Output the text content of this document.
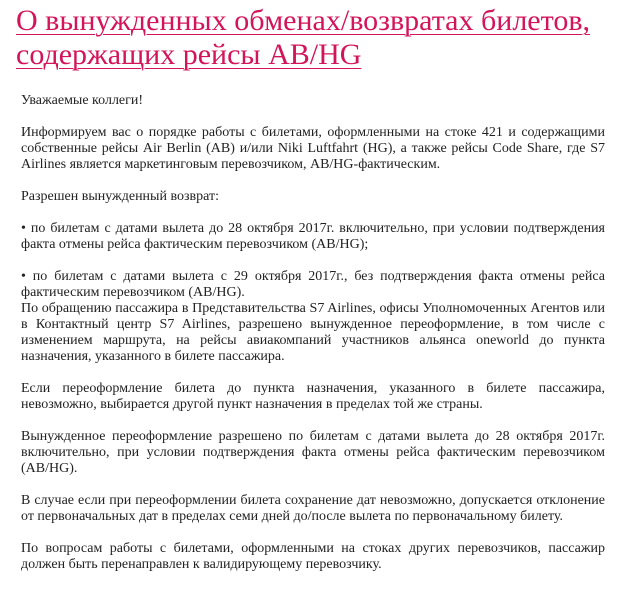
О вынужденных обменах/возвратах билетов, содержащих рейсы AB/HG

Уважаемые коллеги!

Информируем вас о порядке работы с билетами, оформленными на стоке 421 и содержащими собственные рейсы Air Berlin (AB) и/или Niki Luftfahrt (HG), а также рейсы Code Share, где S7 Airlines является маркетинговым перевозчиком, AB/HG-фактическим.

Разрешен вынужденный возврат:

• по билетам с датами вылета до 28 октября 2017г. включительно, при условии подтверждения факта отмены рейса фактическим перевозчиком (AB/HG);

• по билетам с датами вылета с 29 октября 2017г., без подтверждения факта отмены рейса фактическим перевозчиком (AB/HG).

По обращению пассажира в Представительства S7 Airlines, офисы Уполномоченных Агентов или в Контактный центр S7 Airlines, разрешено вынужденное переоформление, в том числе с изменением маршрута, на рейсы авиакомпаний участников альянса oneworld до пункта назначения, указанного в билете пассажира.

Если переоформление билета до пункта назначения, указанного в билете пассажира, невозможно, выбирается другой пункт назначения в пределах той же страны.

Вынужденное переоформление разрешено по билетам с датами вылета до 28 октября 2017г. включительно, при условии подтверждения факта отмены рейса фактическим перевозчиком (AB/HG).

В случае если при переоформлении билета сохранение дат невозможно, допускается отклонение от первоначальных дат в пределах семи дней до/после вылета по первоначальному билету.

По вопросам работы с билетами, оформленными на стоках других перевозчиков, пассажир должен быть перенаправлен к валидирующему перевозчику.
